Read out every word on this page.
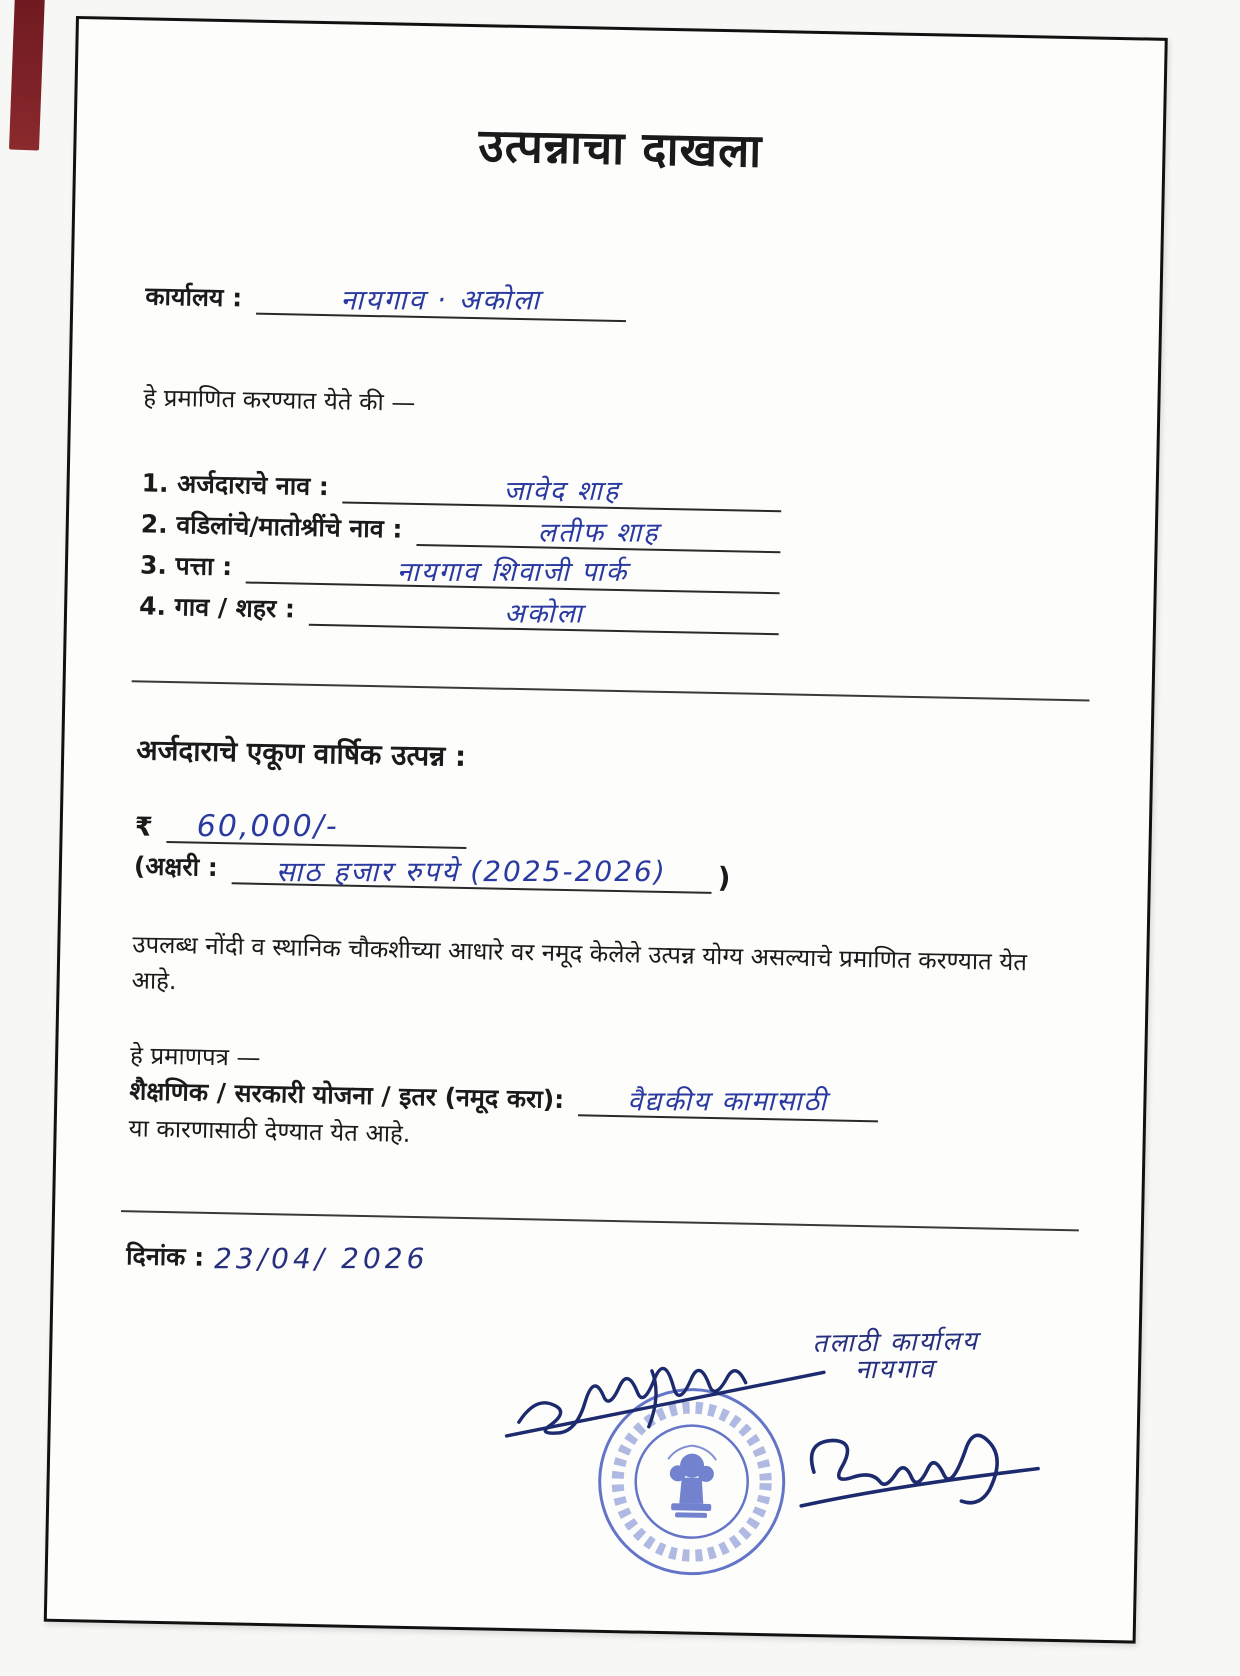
उत्पन्नाचा दाखला
कार्यालय :	नायगाव · अकोला

हे प्रमाणित करण्यात येते की —

1. अर्जदाराचे नाव :	जावेद शाह
2. वडिलांचे/मातोश्रींचे नाव :	लतीफ शाह
3. पत्ता :	नायगाव शिवाजी पार्क
4. गाव / शहर :	अकोला
अर्जदाराचे एकूण वार्षिक उत्पन्न :
₹	60,000/-
(अक्षरी :	साठ हजार रुपये (2025-2026)	)

उपलब्ध नोंदी व स्थानिक चौकशीच्या आधारे वर नमूद केलेले उत्पन्न योग्य असल्याचे प्रमाणित करण्यात येत आहे.

हे प्रमाणपत्र —

शैक्षणिक / सरकारी योजना / इतर (नमूद करा):	वैद्यकीय कामासाठी

या कारणासाठी देण्यात येत आहे.

दिनांक : 23/04/ 2026
तलाठी कार्यालय
नायगाव
